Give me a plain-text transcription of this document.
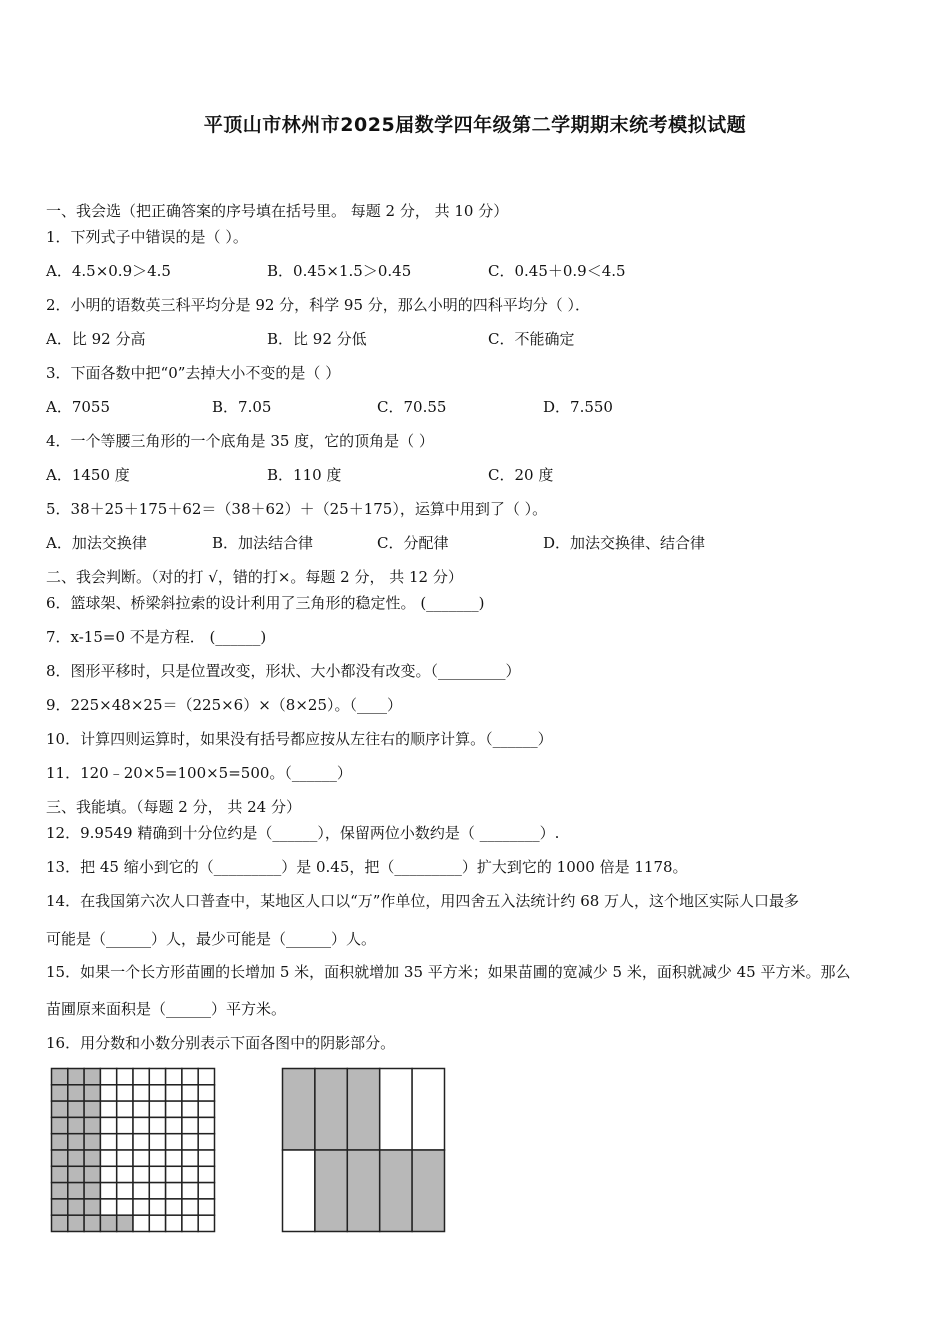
平顶山市林州市2025届数学四年级第二学期期末统考模拟试题
一、我会选（把正确答案的序号填在括号里。 每题 2 分， 共 10 分）
1．下列式子中错误的是（ ）。
A．4.5×0.9＞4.5	B．0.45×1.5＞0.45	C．0.45＋0.9＜4.5
2．小明的语数英三科平均分是 92 分，科学 95 分，那么小明的四科平均分（ ）．
A．比 92 分高	B．比 92 分低	C．不能确定
3．下面各数中把“0”去掉大小不变的是（ ）
A．7055	B．7.05	C．70.55	D．7.550
4．一个等腰三角形的一个底角是 35 度，它的顶角是（ ）
A．1450 度	B．110 度	C．20 度
5．38＋25＋175＋62＝（38＋62）＋（25＋175），运算中用到了（ ）。
A．加法交换律	B．加法结合律	C．分配律	D．加法交换律、结合律
二、我会判断。（对的打 √，错的打×。每题 2 分， 共 12 分）
6．篮球架、桥梁斜拉索的设计利用了三角形的稳定性。 (_______)
7．x-15=0 不是方程． (______)
8．图形平移时，只是位置改变，形状、大小都没有改变。（_________）
9．225×48×25＝（225×6）×（8×25）。（____）
10．计算四则运算时，如果没有括号都应按从左往右的顺序计算。（______）
11．120﹣20×5=100×5=500。（______）
三、我能填。（每题 2 分， 共 24 分）
12．9.9549 精确到十分位约是（______），保留两位小数约是（ ________）.
13．把 45 缩小到它的（_________）是 0.45，把（_________）扩大到它的 1000 倍是 1178。
14．在我国第六次人口普查中，某地区人口以“万”作单位，用四舍五入法统计约 68 万人，这个地区实际人口最多
可能是（______）人，最少可能是（______）人。
15．如果一个长方形苗圃的长增加 5 米，面积就增加 35 平方米；如果苗圃的宽减少 5 米，面积就减少 45 平方米。那么
苗圃原来面积是（______）平方米。
16．用分数和小数分别表示下面各图中的阴影部分。
